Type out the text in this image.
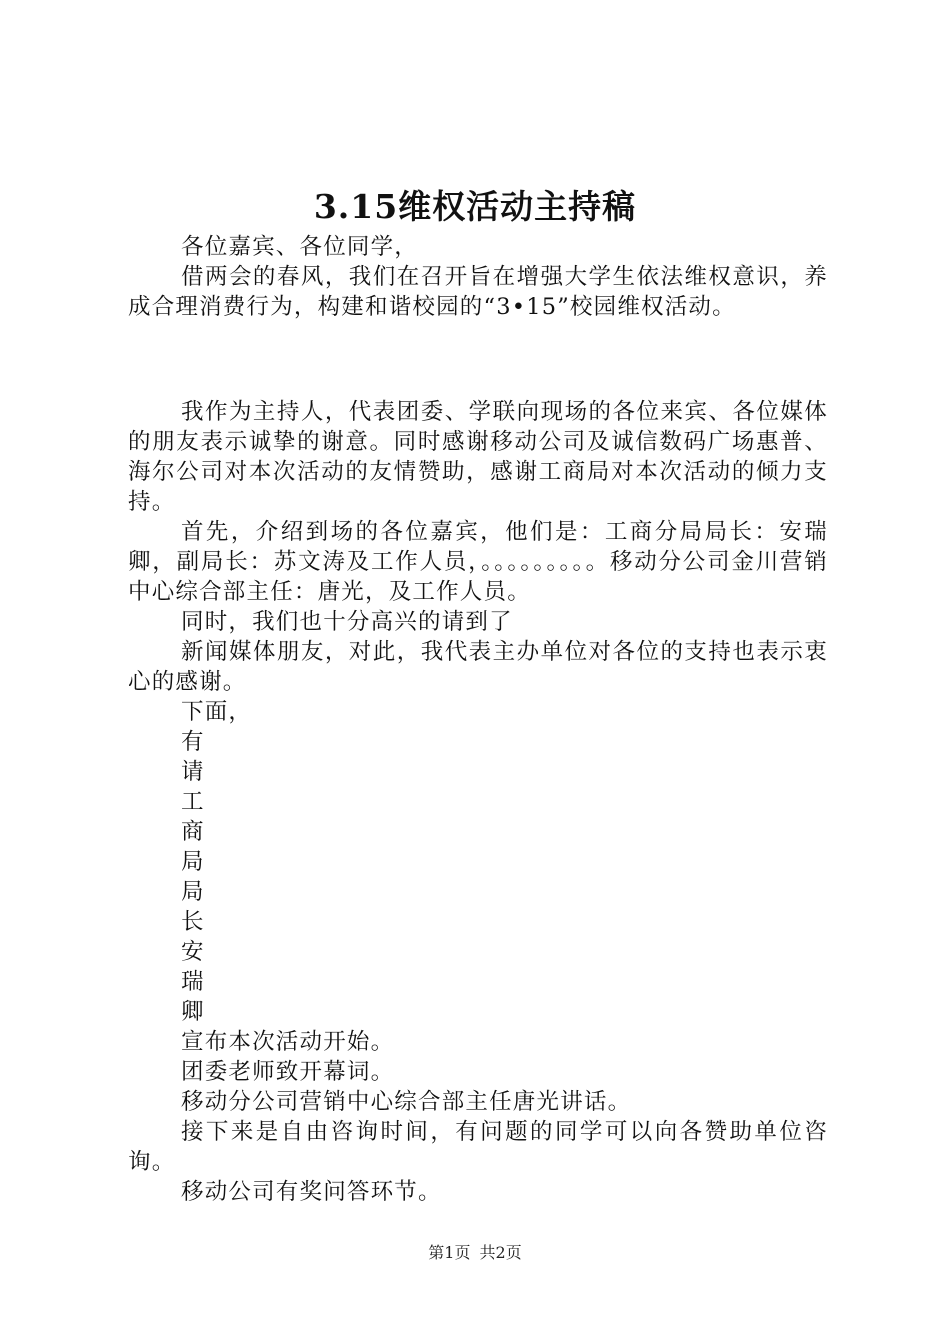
3.15维权活动主持稿

各位嘉宾、各位同学，

借两会的春风，我们在召开旨在增强大学生依法维权意识，养成合理消费行为，构建和谐校园的“3•15”校园维权活动。

我作为主持人，代表团委、学联向现场的各位来宾、各位媒体的朋友表示诚挚的谢意。同时感谢移动公司及诚信数码广场惠普、海尔公司对本次活动的友情赞助，感谢工商局对本次活动的倾力支持。

首先，介绍到场的各位嘉宾，他们是：工商分局局长：安瑞卿，副局长：苏文涛及工作人员，。。。。。。。。。移动分公司金川营销中心综合部主任：唐光，及工作人员。

同时，我们也十分高兴的请到了

新闻媒体朋友，对此，我代表主办单位对各位的支持也表示衷心的感谢。

下面，

有

请

工

商

局

局

长

安

瑞

卿

宣布本次活动开始。

团委老师致开幕词。

移动分公司营销中心综合部主任唐光讲话。

接下来是自由咨询时间，有问题的同学可以向各赞助单位咨询。

移动公司有奖问答环节。

第1页 共2页
